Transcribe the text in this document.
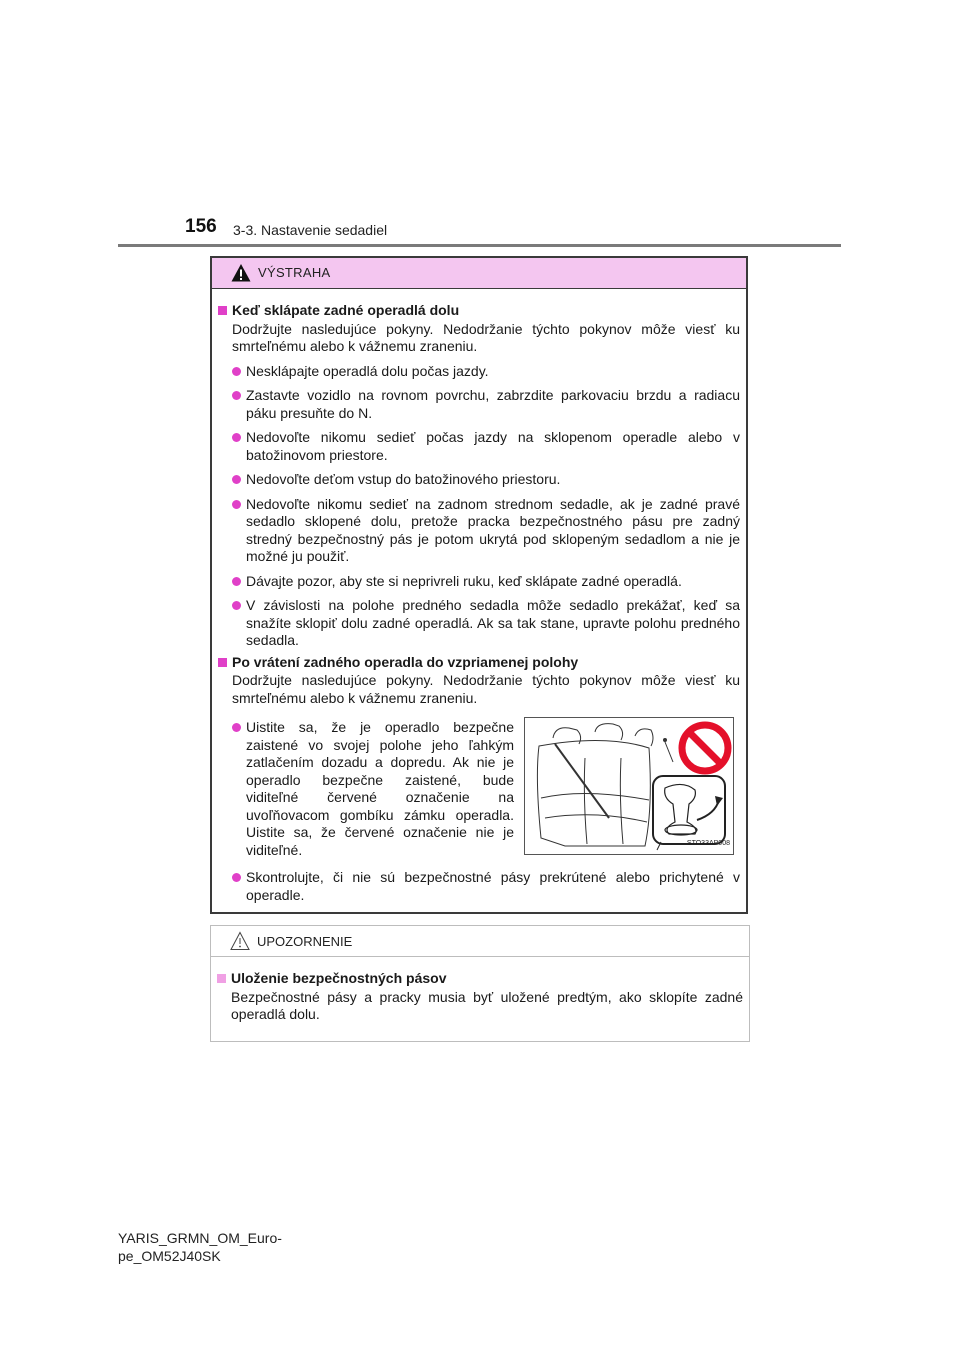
156 3-3. Nastavenie sedadiel
VÝSTRAHA
Keď sklápate zadné operadlá dolu
Dodržujte nasledujúce pokyny. Nedodržanie týchto pokynov môže viesť ku smrteľnému alebo k vážnemu zraneniu.
Nesklápajte operadlá dolu počas jazdy.
Zastavte vozidlo na rovnom povrchu, zabrzdite parkovaciu brzdu a radiacu páku presuňte do N.
Nedovoľte nikomu sedieť počas jazdy na sklopenom operadle alebo v batožinovom priestore.
Nedovoľte deťom vstup do batožinového priestoru.
Nedovoľte nikomu sedieť na zadnom strednom sedadle, ak je zadné pravé sedadlo sklopené dolu, pretože pracka bezpečnostného pásu pre zadný stredný bezpečnostný pás je potom ukrytá pod sklopeným sedadlom a nie je možné ju použiť.
Dávajte pozor, aby ste si neprivreli ruku, keď sklápate zadné operadlá.
V závislosti na polohe predného sedadla môže sedadlo prekážať, keď sa snažíte sklopiť dolu zadné operadlá. Ak sa tak stane, upravte polohu predného sedadla.
Po vrátení zadného operadla do vzpriamenej polohy
Dodržujte nasledujúce pokyny. Nedodržanie týchto pokynov môže viesť ku smrteľnému alebo k vážnemu zraneniu.
Uistite sa, že je operadlo bezpečne zaistené vo svojej polohe jeho ľahkým zatlačením dozadu a dopredu. Ak nie je operadlo bezpečne zaistené, bude viditeľné červené označenie na uvoľňovacom gombíku zámku operadla. Uistite sa, že červené označenie nie je viditeľné.	STO33AP008
Skontrolujte, či nie sú bezpečnostné pásy prekrútené alebo prichytené v operadle.
UPOZORNENIE
Uloženie bezpečnostných pásov
Bezpečnostné pásy a pracky musia byť uložené predtým, ako sklopíte zadné operadlá dolu.
YARIS_GRMN_OM_Euro-
pe_OM52J40SK
